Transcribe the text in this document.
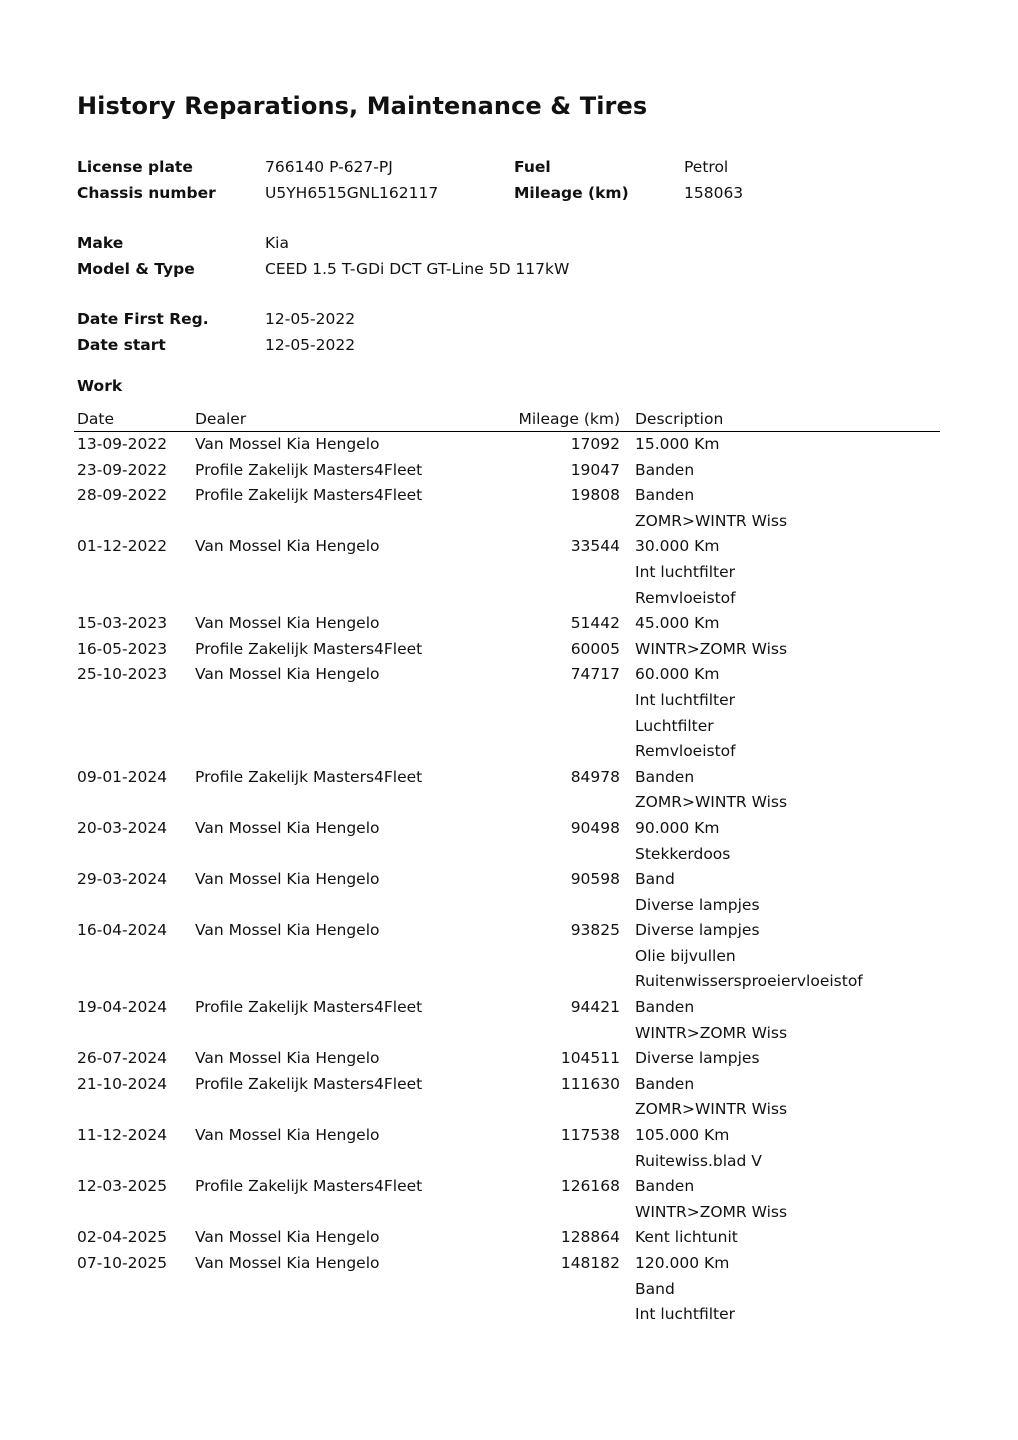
History Reparations, Maintenance & Tires
License plate	766140 P-627-PJ	Fuel	Petrol
Chassis number	U5YH6515GNL162117	Mileage (km)	158063
Make	Kia
Model & Type	CEED 1.5 T-GDi DCT GT-Line 5D 117kW
Date First Reg.	12-05-2022
Date start	12-05-2022
Work
Date	Dealer	Mileage (km) Description
13-09-2022 Van Mossel Kia Hengelo	17092 15.000 Km
23-09-2022 Profile Zakelijk Masters4Fleet	19047 Banden
28-09-2022 Profile Zakelijk Masters4Fleet	19808 Banden
ZOMR>WINTR Wiss
01-12-2022 Van Mossel Kia Hengelo	33544 30.000 Km
Int luchtfilter
Remvloeistof
15-03-2023 Van Mossel Kia Hengelo	51442 45.000 Km
16-05-2023 Profile Zakelijk Masters4Fleet	60005 WINTR>ZOMR Wiss
25-10-2023 Van Mossel Kia Hengelo	74717 60.000 Km
Int luchtfilter
Luchtfilter
Remvloeistof
09-01-2024 Profile Zakelijk Masters4Fleet	84978 Banden
ZOMR>WINTR Wiss
20-03-2024 Van Mossel Kia Hengelo	90498 90.000 Km
Stekkerdoos
29-03-2024 Van Mossel Kia Hengelo	90598 Band
Diverse lampjes
16-04-2024 Van Mossel Kia Hengelo	93825 Diverse lampjes
Olie bijvullen
Ruitenwissersproeiervloeistof
19-04-2024 Profile Zakelijk Masters4Fleet	94421 Banden
WINTR>ZOMR Wiss
26-07-2024 Van Mossel Kia Hengelo	104511 Diverse lampjes
21-10-2024 Profile Zakelijk Masters4Fleet	111630 Banden
ZOMR>WINTR Wiss
11-12-2024 Van Mossel Kia Hengelo	117538 105.000 Km
Ruitewiss.blad V
12-03-2025 Profile Zakelijk Masters4Fleet	126168 Banden
WINTR>ZOMR Wiss
02-04-2025 Van Mossel Kia Hengelo	128864 Kent lichtunit
07-10-2025 Van Mossel Kia Hengelo	148182 120.000 Km
Band
Int luchtfilter
